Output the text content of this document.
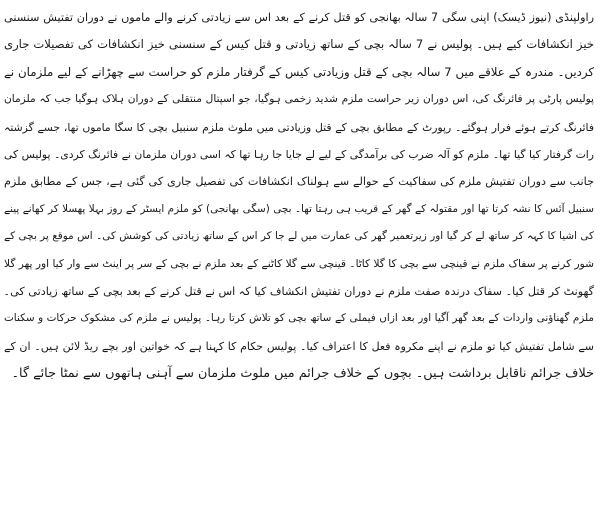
راولپنڈی (نیوز ڈیسک) اپنی سگی 7 سالہ بھانجی کو قتل کرنے کے بعد اس سے زیادتی کرنے والے ماموں نے دوران تفتیش سنسنی
خیز انکشافات کیے ہیں۔ پولیس نے 7 سالہ بچی کے ساتھ زیادتی و قتل کیس کے سنسنی خیز انکشافات کی تفصیلات جاری
کردیں۔ مندرہ کے علاقے میں 7 سالہ بچی کے قتل وزیادتی کیس کے گرفتار ملزم کو حراست سے چھڑانے کے لیے ملزمان نے
پولیس پارٹی پر فائرنگ کی، اس دوران زیر حراست ملزم شدید زخمی ہوگیا، جو اسپتال منتقلی کے دوران ہلاک ہوگیا جب کہ ملزمان
فائرنگ کرتے ہوئے فرار ہوگئے۔ رپورٹ کے مطابق بچی کے قتل وزیادتی میں ملوث ملزم سنبیل بچی کا سگا ماموں تھا، جسے گزشتہ
رات گرفتار کیا گیا تھا۔ ملزم کو آلہ ضرب کی برآمدگی کے لیے لے جایا جا رہا تھا کہ اسی دوران ملزمان نے فائرنگ کردی۔ پولیس کی
جانب سے دوران تفتیش ملزم کی سفاکیت کے حوالے سے ہولناک انکشافات کی تفصیل جاری کی گئی ہے، جس کے مطابق ملزم
سنبیل آئس کا نشہ کرتا تھا اور مقتولہ کے گھر کے قریب ہی رہتا تھا۔ بچی (سگی بھانجی) کو ملزم ایسٹر کے روز بہلا پھسلا کر کھانے پینے
کی اشیا کا کہہ کر ساتھ لے کر گیا اور زیرتعمیر گھر کی عمارت میں لے جا کر اس کے ساتھ زیادتی کی کوشش کی۔ اس موقع پر بچی کے
شور کرنے پر سفاک ملزم نے قینچی سے بچی کا گلا کاٹا۔ قینچی سے گلا کاٹنے کے بعد ملزم نے بچی کے سر پر اینٹ سے وار کیا اور پھر گلا
گھونٹ کر قتل کیا۔ سفاک درندہ صفت ملزم نے دوران تفتیش انکشاف کیا کہ اس نے قتل کرنے کے بعد بچی کے ساتھ زیادتی کی۔
ملزم گھناؤنی واردات کے بعد گھر آگیا اور بعد ازاں فیملی کے ساتھ بچی کو تلاش کرتا رہا۔ پولیس نے ملزم کی مشکوک حرکات و سکنات
سے شامل تفتیش کیا تو ملزم نے اپنے مکروہ فعل کا اعتراف کیا۔ پولیس حکام کا کہنا ہے کہ خواتین اور بچے ریڈ لائن ہیں۔ ان کے
خلاف جرائم ناقابل برداشت ہیں۔ بچوں کے خلاف جرائم میں ملوث ملزمان سے آہنی ہاتھوں سے نمٹا جائے گا۔
